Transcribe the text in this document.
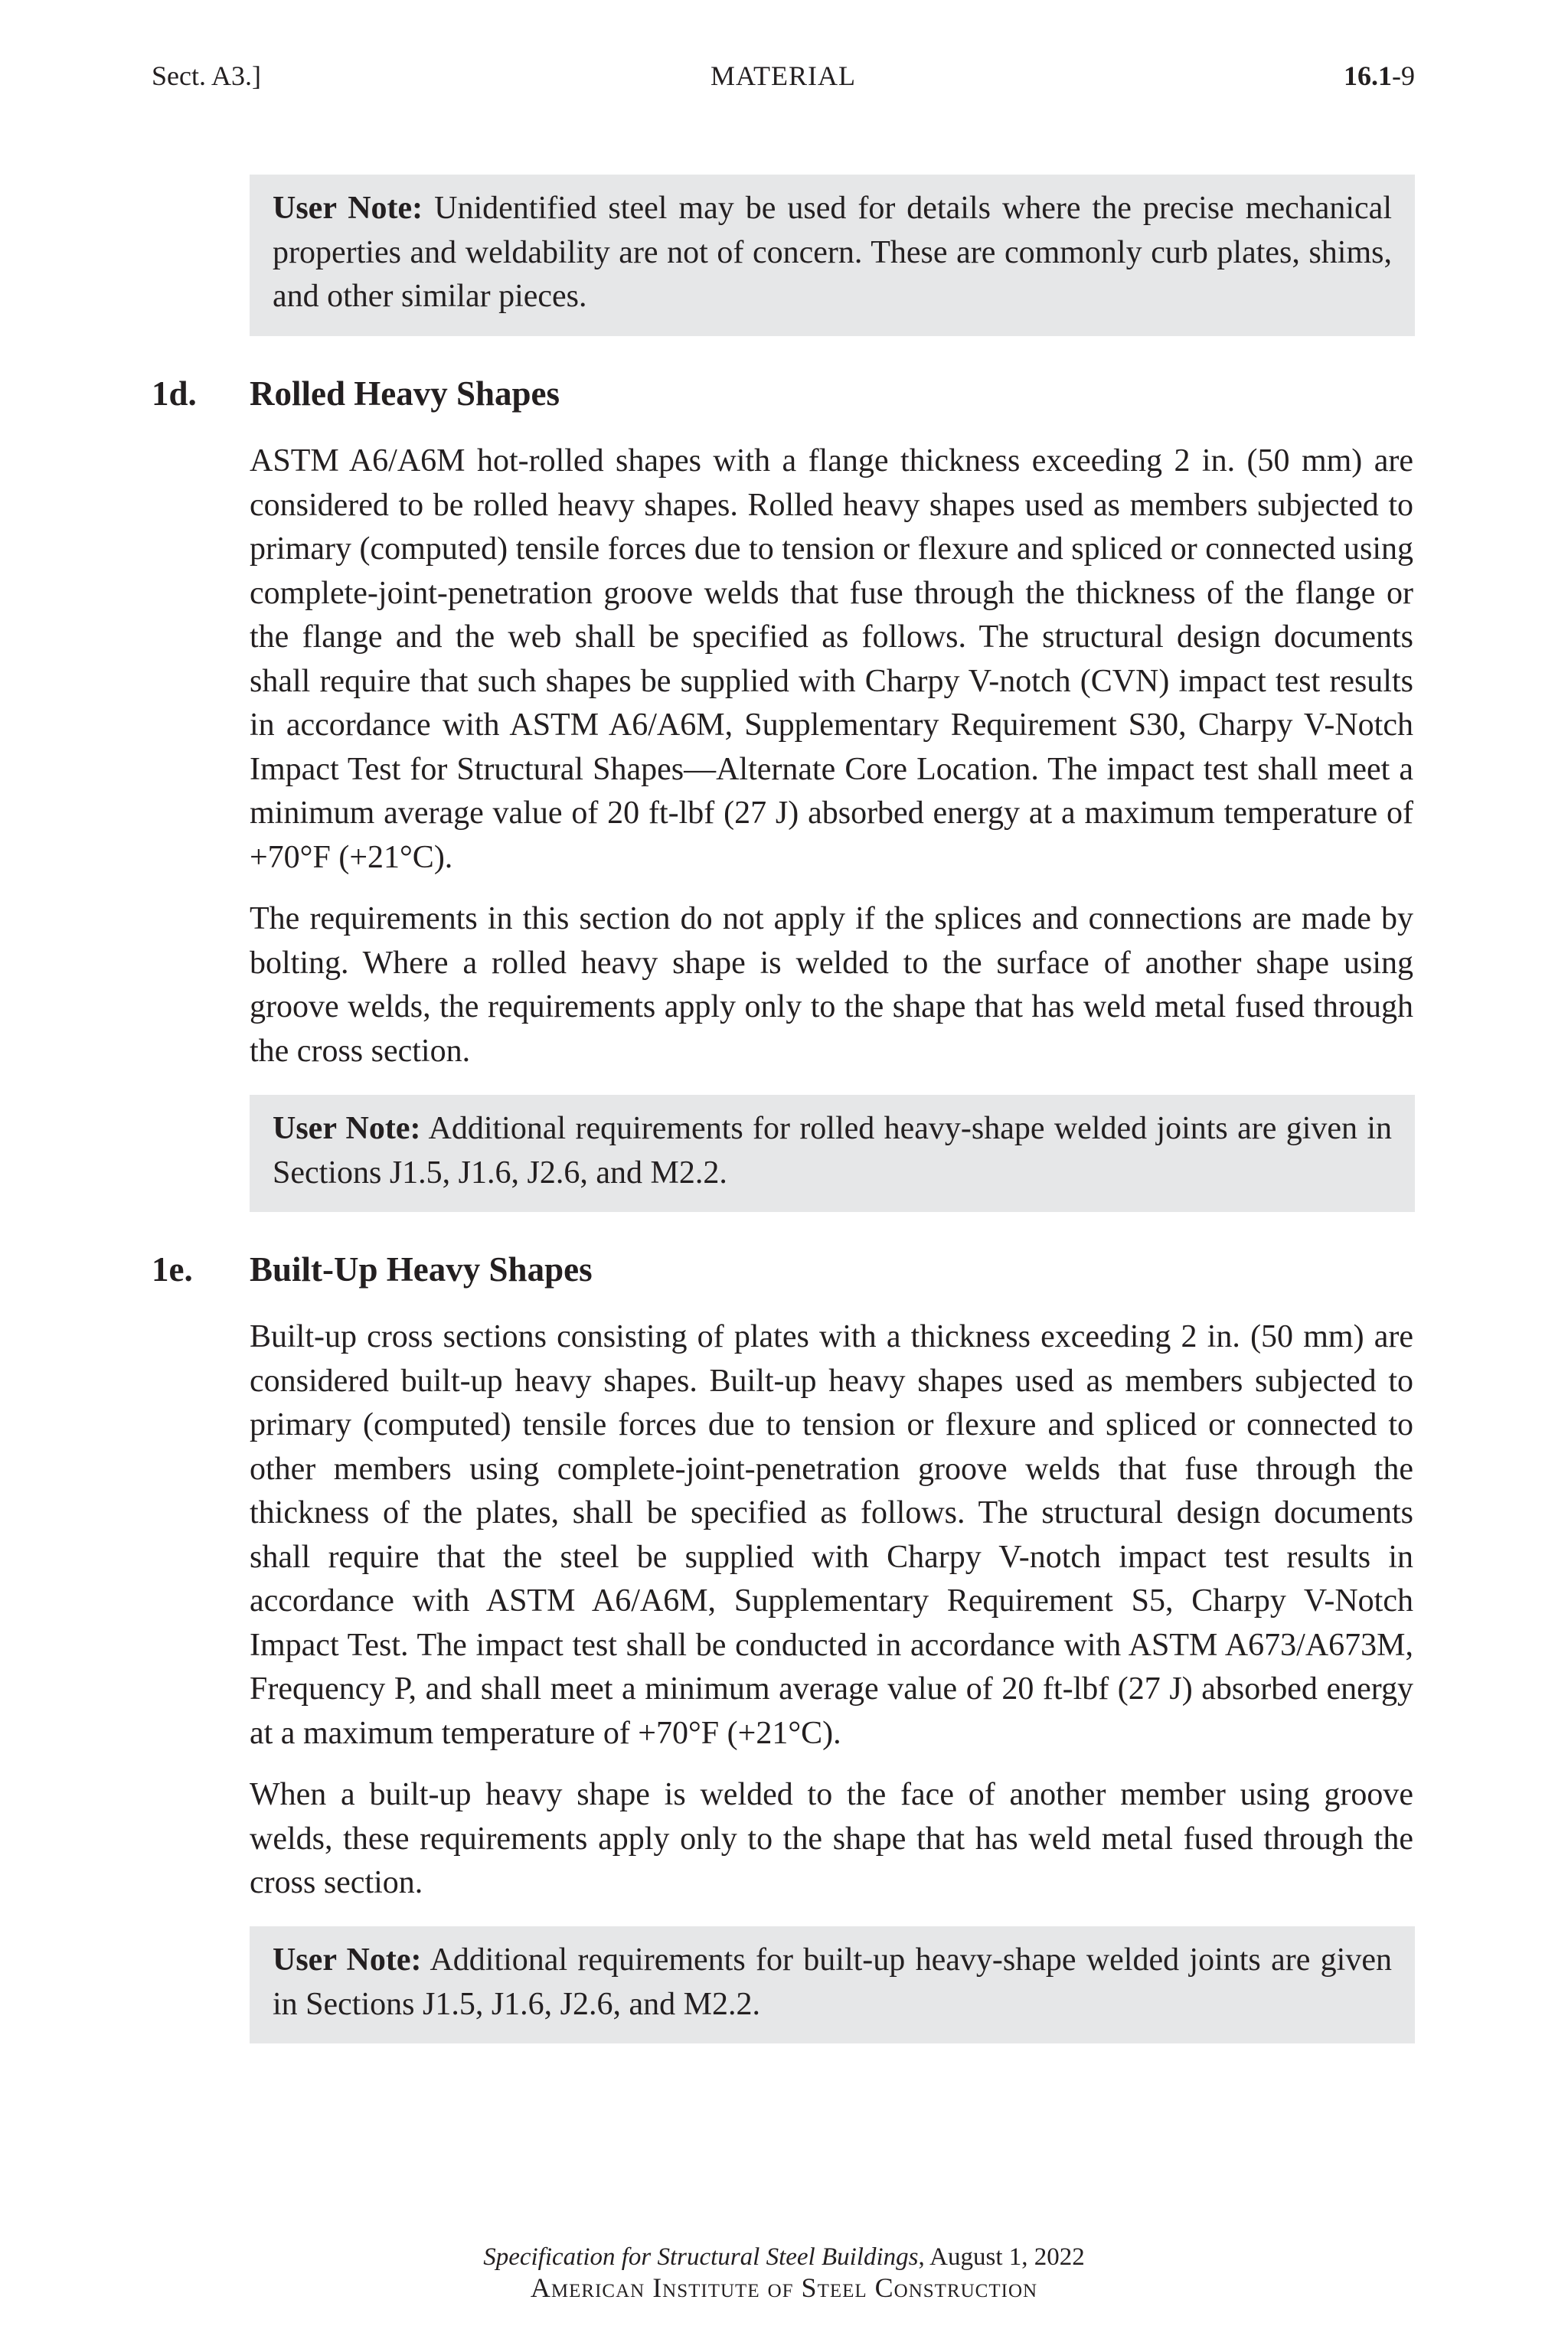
Sect. A3.]	MATERIAL	16.1-9

User Note: Unidentified steel may be used for details where the precise mechanical properties and weldability are not of concern. These are commonly curb plates, shims, and other similar pieces.

1d. Rolled Heavy Shapes

ASTM A6/A6M hot-rolled shapes with a flange thickness exceeding 2 in. (50 mm) are considered to be rolled heavy shapes. Rolled heavy shapes used as members subjected to primary (computed) tensile forces due to tension or flexure and spliced or connected using complete-joint-penetration groove welds that fuse through the thickness of the flange or the flange and the web shall be specified as follows. The structural design documents shall require that such shapes be supplied with Charpy V-notch (CVN) impact test results in accordance with ASTM A6/A6M, Supplementary Requirement S30, Charpy V-Notch Impact Test for Structural Shapes—Alternate Core Location. The impact test shall meet a minimum average value of 20 ft-lbf (27 J) absorbed energy at a maximum temperature of +70°F (+21°C).

The requirements in this section do not apply if the splices and connections are made by bolting. Where a rolled heavy shape is welded to the surface of another shape using groove welds, the requirements apply only to the shape that has weld metal fused through the cross section.

User Note: Additional requirements for rolled heavy-shape welded joints are given in Sections J1.5, J1.6, J2.6, and M2.2.

1e. Built-Up Heavy Shapes

Built-up cross sections consisting of plates with a thickness exceeding 2 in. (50 mm) are considered built-up heavy shapes. Built-up heavy shapes used as members subjected to primary (computed) tensile forces due to tension or flexure and spliced or connected to other members using complete-joint-penetration groove welds that fuse through the thickness of the plates, shall be specified as follows. The structural design documents shall require that the steel be supplied with Charpy V-notch impact test results in accordance with ASTM A6/A6M, Supplementary Requirement S5, Charpy V-Notch Impact Test. The impact test shall be conducted in accordance with ASTM A673/A673M, Frequency P, and shall meet a minimum average value of 20 ft-lbf (27 J) absorbed energy at a maximum temperature of +70°F (+21°C).

When a built-up heavy shape is welded to the face of another member using groove welds, these requirements apply only to the shape that has weld metal fused through the cross section.

User Note: Additional requirements for built-up heavy-shape welded joints are given in Sections J1.5, J1.6, J2.6, and M2.2.

Specification for Structural Steel Buildings, August 1, 2022
American Institute of Steel Construction
